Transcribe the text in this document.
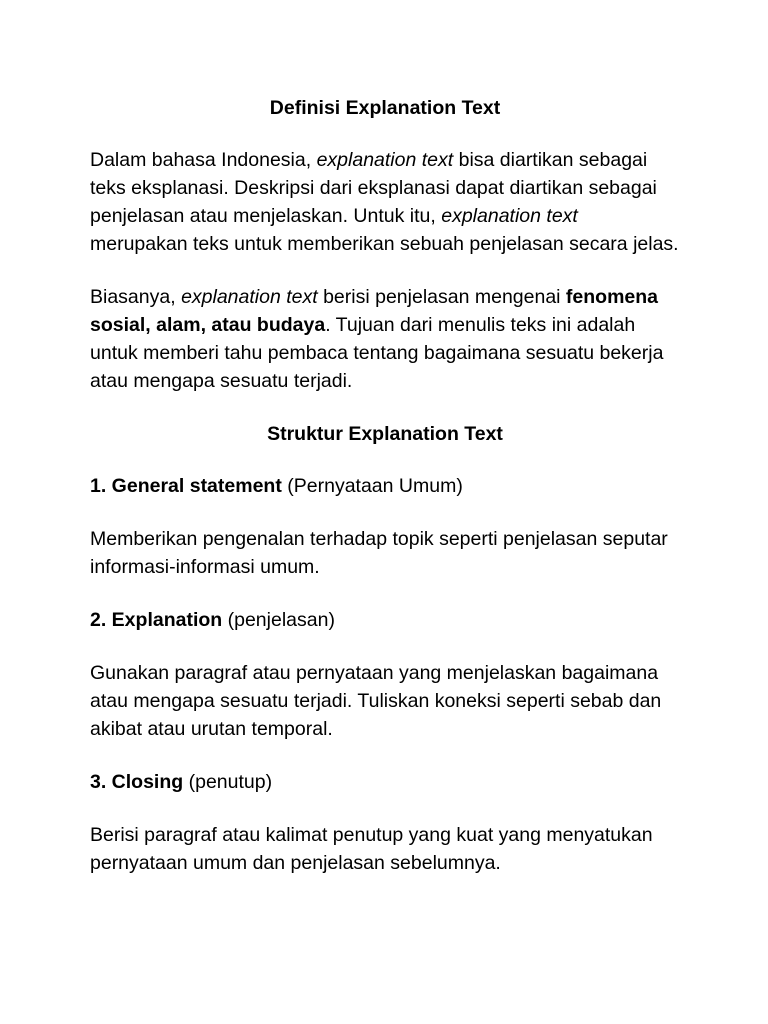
Definisi Explanation Text

Dalam bahasa Indonesia, explanation text bisa diartikan sebagai teks eksplanasi. Deskripsi dari eksplanasi dapat diartikan sebagai penjelasan atau menjelaskan. Untuk itu, explanation text merupakan teks untuk memberikan sebuah penjelasan secara jelas.

Biasanya, explanation text berisi penjelasan mengenai fenomena sosial, alam, atau budaya. Tujuan dari menulis teks ini adalah untuk memberi tahu pembaca tentang bagaimana sesuatu bekerja atau mengapa sesuatu terjadi.

Struktur Explanation Text

1. General statement (Pernyataan Umum)

Memberikan pengenalan terhadap topik seperti penjelasan seputar informasi-informasi umum.

2. Explanation (penjelasan)

Gunakan paragraf atau pernyataan yang menjelaskan bagaimana atau mengapa sesuatu terjadi. Tuliskan koneksi seperti sebab dan akibat atau urutan temporal.

3. Closing (penutup)

Berisi paragraf atau kalimat penutup yang kuat yang menyatukan pernyataan umum dan penjelasan sebelumnya.
